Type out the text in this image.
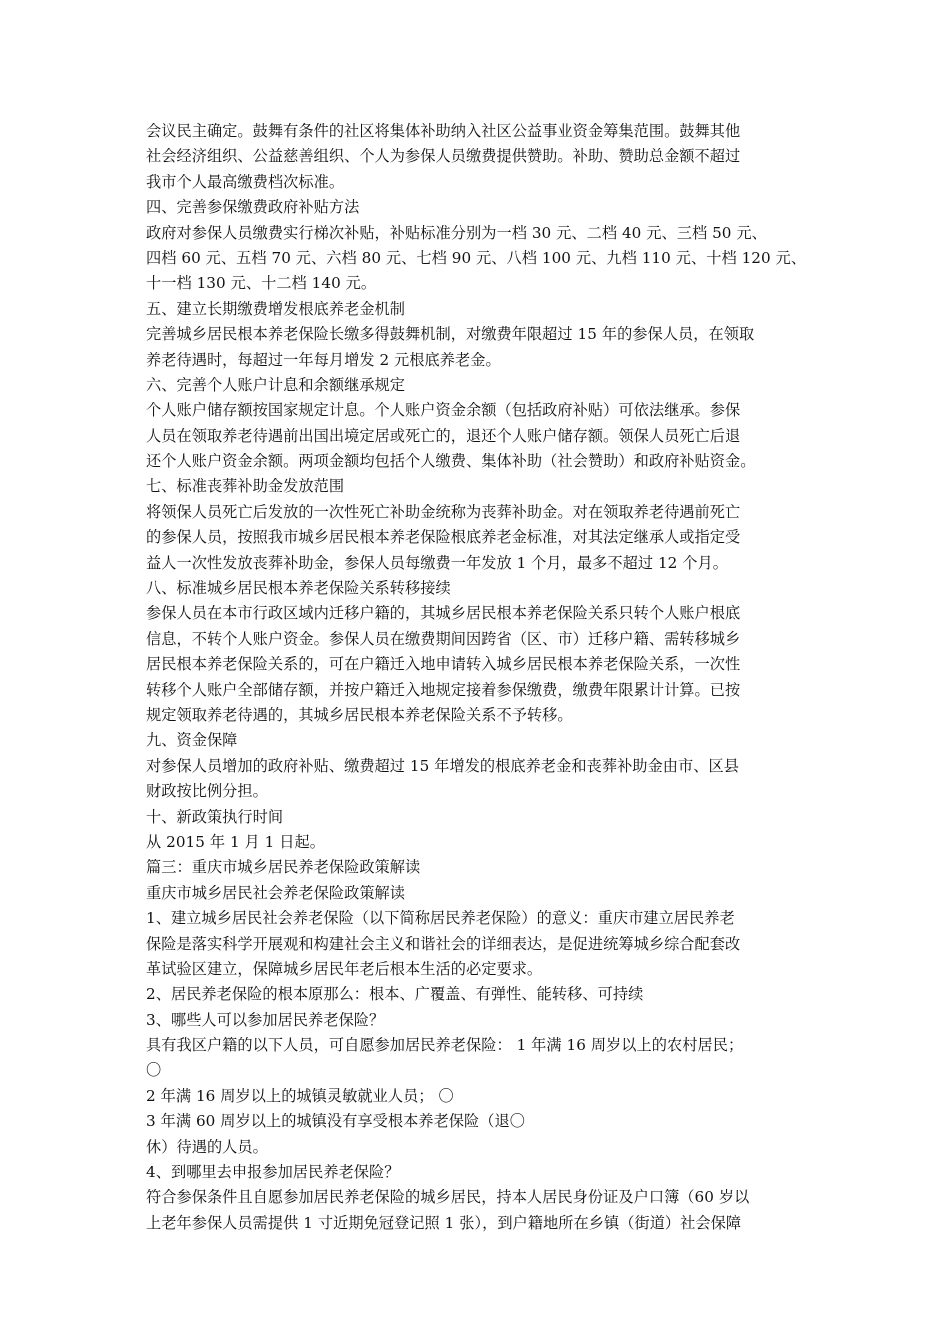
会议民主确定。鼓舞有条件的社区将集体补助纳入社区公益事业资金筹集范围。鼓舞其他
社会经济组织、公益慈善组织、个人为参保人员缴费提供赞助。补助、赞助总金额不超过
我市个人最高缴费档次标准。
四、完善参保缴费政府补贴方法
政府对参保人员缴费实行梯次补贴，补贴标准分别为一档 30 元、二档 40 元、三档 50 元、
四档 60 元、五档 70 元、六档 80 元、七档 90 元、八档 100 元、九档 110 元、十档 120 元、
十一档 130 元、十二档 140 元。
五、建立长期缴费增发根底养老金机制
完善城乡居民根本养老保险长缴多得鼓舞机制，对缴费年限超过 15 年的参保人员，在领取
养老待遇时，每超过一年每月增发 2 元根底养老金。
六、完善个人账户计息和余额继承规定
个人账户储存额按国家规定计息。个人账户资金余额（包括政府补贴）可依法继承。参保
人员在领取养老待遇前出国出境定居或死亡的，退还个人账户储存额。领保人员死亡后退
还个人账户资金余额。两项金额均包括个人缴费、集体补助（社会赞助）和政府补贴资金。
七、标准丧葬补助金发放范围
将领保人员死亡后发放的一次性死亡补助金统称为丧葬补助金。对在领取养老待遇前死亡
的参保人员，按照我市城乡居民根本养老保险根底养老金标准，对其法定继承人或指定受
益人一次性发放丧葬补助金，参保人员每缴费一年发放 1 个月，最多不超过 12 个月。
八、标准城乡居民根本养老保险关系转移接续
参保人员在本市行政区域内迁移户籍的，其城乡居民根本养老保险关系只转个人账户根底
信息，不转个人账户资金。参保人员在缴费期间因跨省（区、市）迁移户籍、需转移城乡
居民根本养老保险关系的，可在户籍迁入地申请转入城乡居民根本养老保险关系，一次性
转移个人账户全部储存额，并按户籍迁入地规定接着参保缴费，缴费年限累计计算。已按
规定领取养老待遇的，其城乡居民根本养老保险关系不予转移。
九、资金保障
对参保人员增加的政府补贴、缴费超过 15 年增发的根底养老金和丧葬补助金由市、区县
财政按比例分担。
十、新政策执行时间
从 2015 年 1 月 1 日起。
篇三：重庆市城乡居民养老保险政策解读
重庆市城乡居民社会养老保险政策解读
1、建立城乡居民社会养老保险（以下简称居民养老保险）的意义：重庆市建立居民养老
保险是落实科学开展观和构建社会主义和谐社会的详细表达，是促进统筹城乡综合配套改
革试验区建立，保障城乡居民年老后根本生活的必定要求。
2、居民养老保险的根本原那么：根本、广覆盖、有弹性、能转移、可持续
3、哪些人可以参加居民养老保险？
具有我区户籍的以下人员，可自愿参加居民养老保险： 1 年满 16 周岁以上的农村居民；
〇
2 年满 16 周岁以上的城镇灵敏就业人员； 〇
3 年满 60 周岁以上的城镇没有享受根本养老保险（退〇
休）待遇的人员。
4、到哪里去申报参加居民养老保险？
符合参保条件且自愿参加居民养老保险的城乡居民，持本人居民身份证及户口簿（60 岁以
上老年参保人员需提供 1 寸近期免冠登记照 1 张），到户籍地所在乡镇（街道）社会保障
